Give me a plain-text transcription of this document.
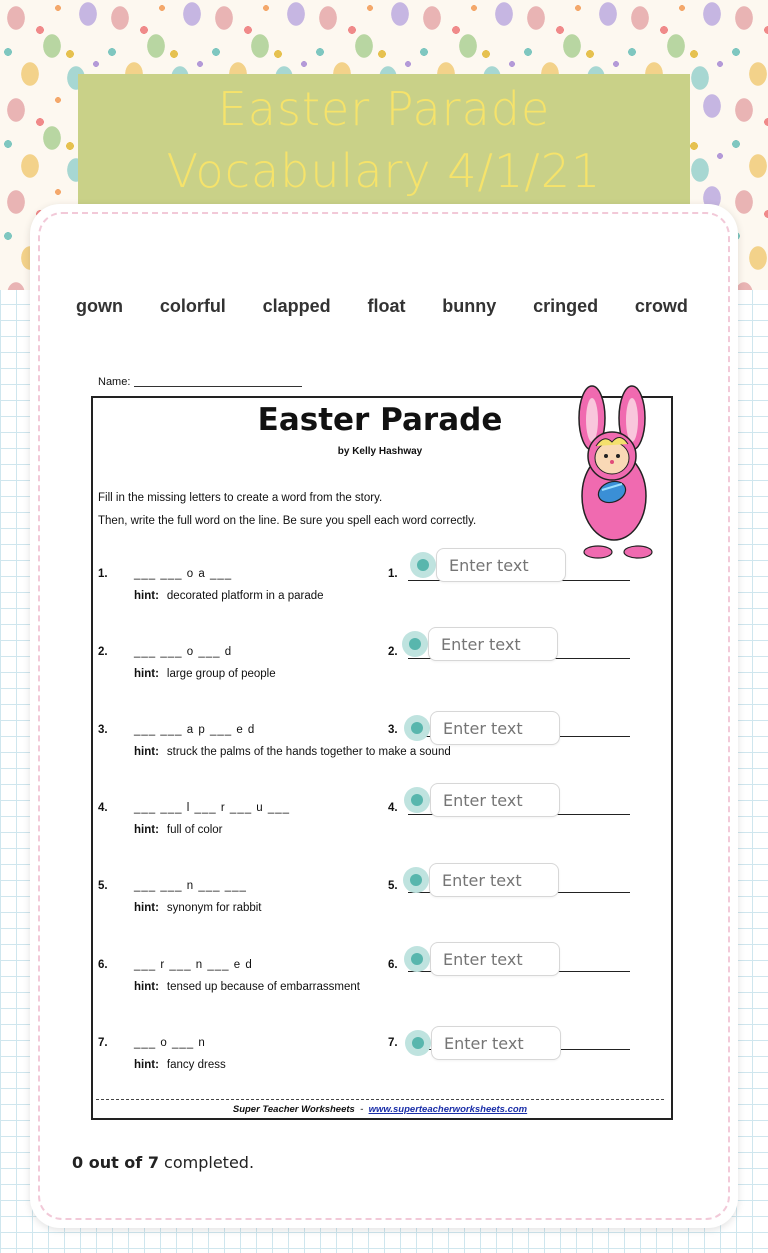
Easter Parade
Vocabulary 4/1/21
gown colorful clapped float bunny cringed crowd
Name:
Easter Parade
by Kelly Hashway
Fill in the missing letters to create a word from the story.
Then, write the full word on the line. Be sure you spell each word correctly.
1. ___ ___ o a ___
hint: decorated platform in a parade
1.
2. ___ ___ o ___ d
hint: large group of people
2.
3. ___ ___ a p ___ e d
hint: struck the palms of the hands together to make a sound
3.
4. ___ ___ l ___ r ___ u ___
hint: full of color
4.
5. ___ ___ n ___ ___
hint: synonym for rabbit
5.
6. ___ r ___ n ___ e d
hint: tensed up because of embarrassment
6.
7. ___ o ___ n
hint: fancy dress
7.
Super Teacher Worksheets - www.superteacherworksheets.com
Enter text
Enter text
Enter text
Enter text
Enter text
Enter text
Enter text
0 out of 7 completed.
